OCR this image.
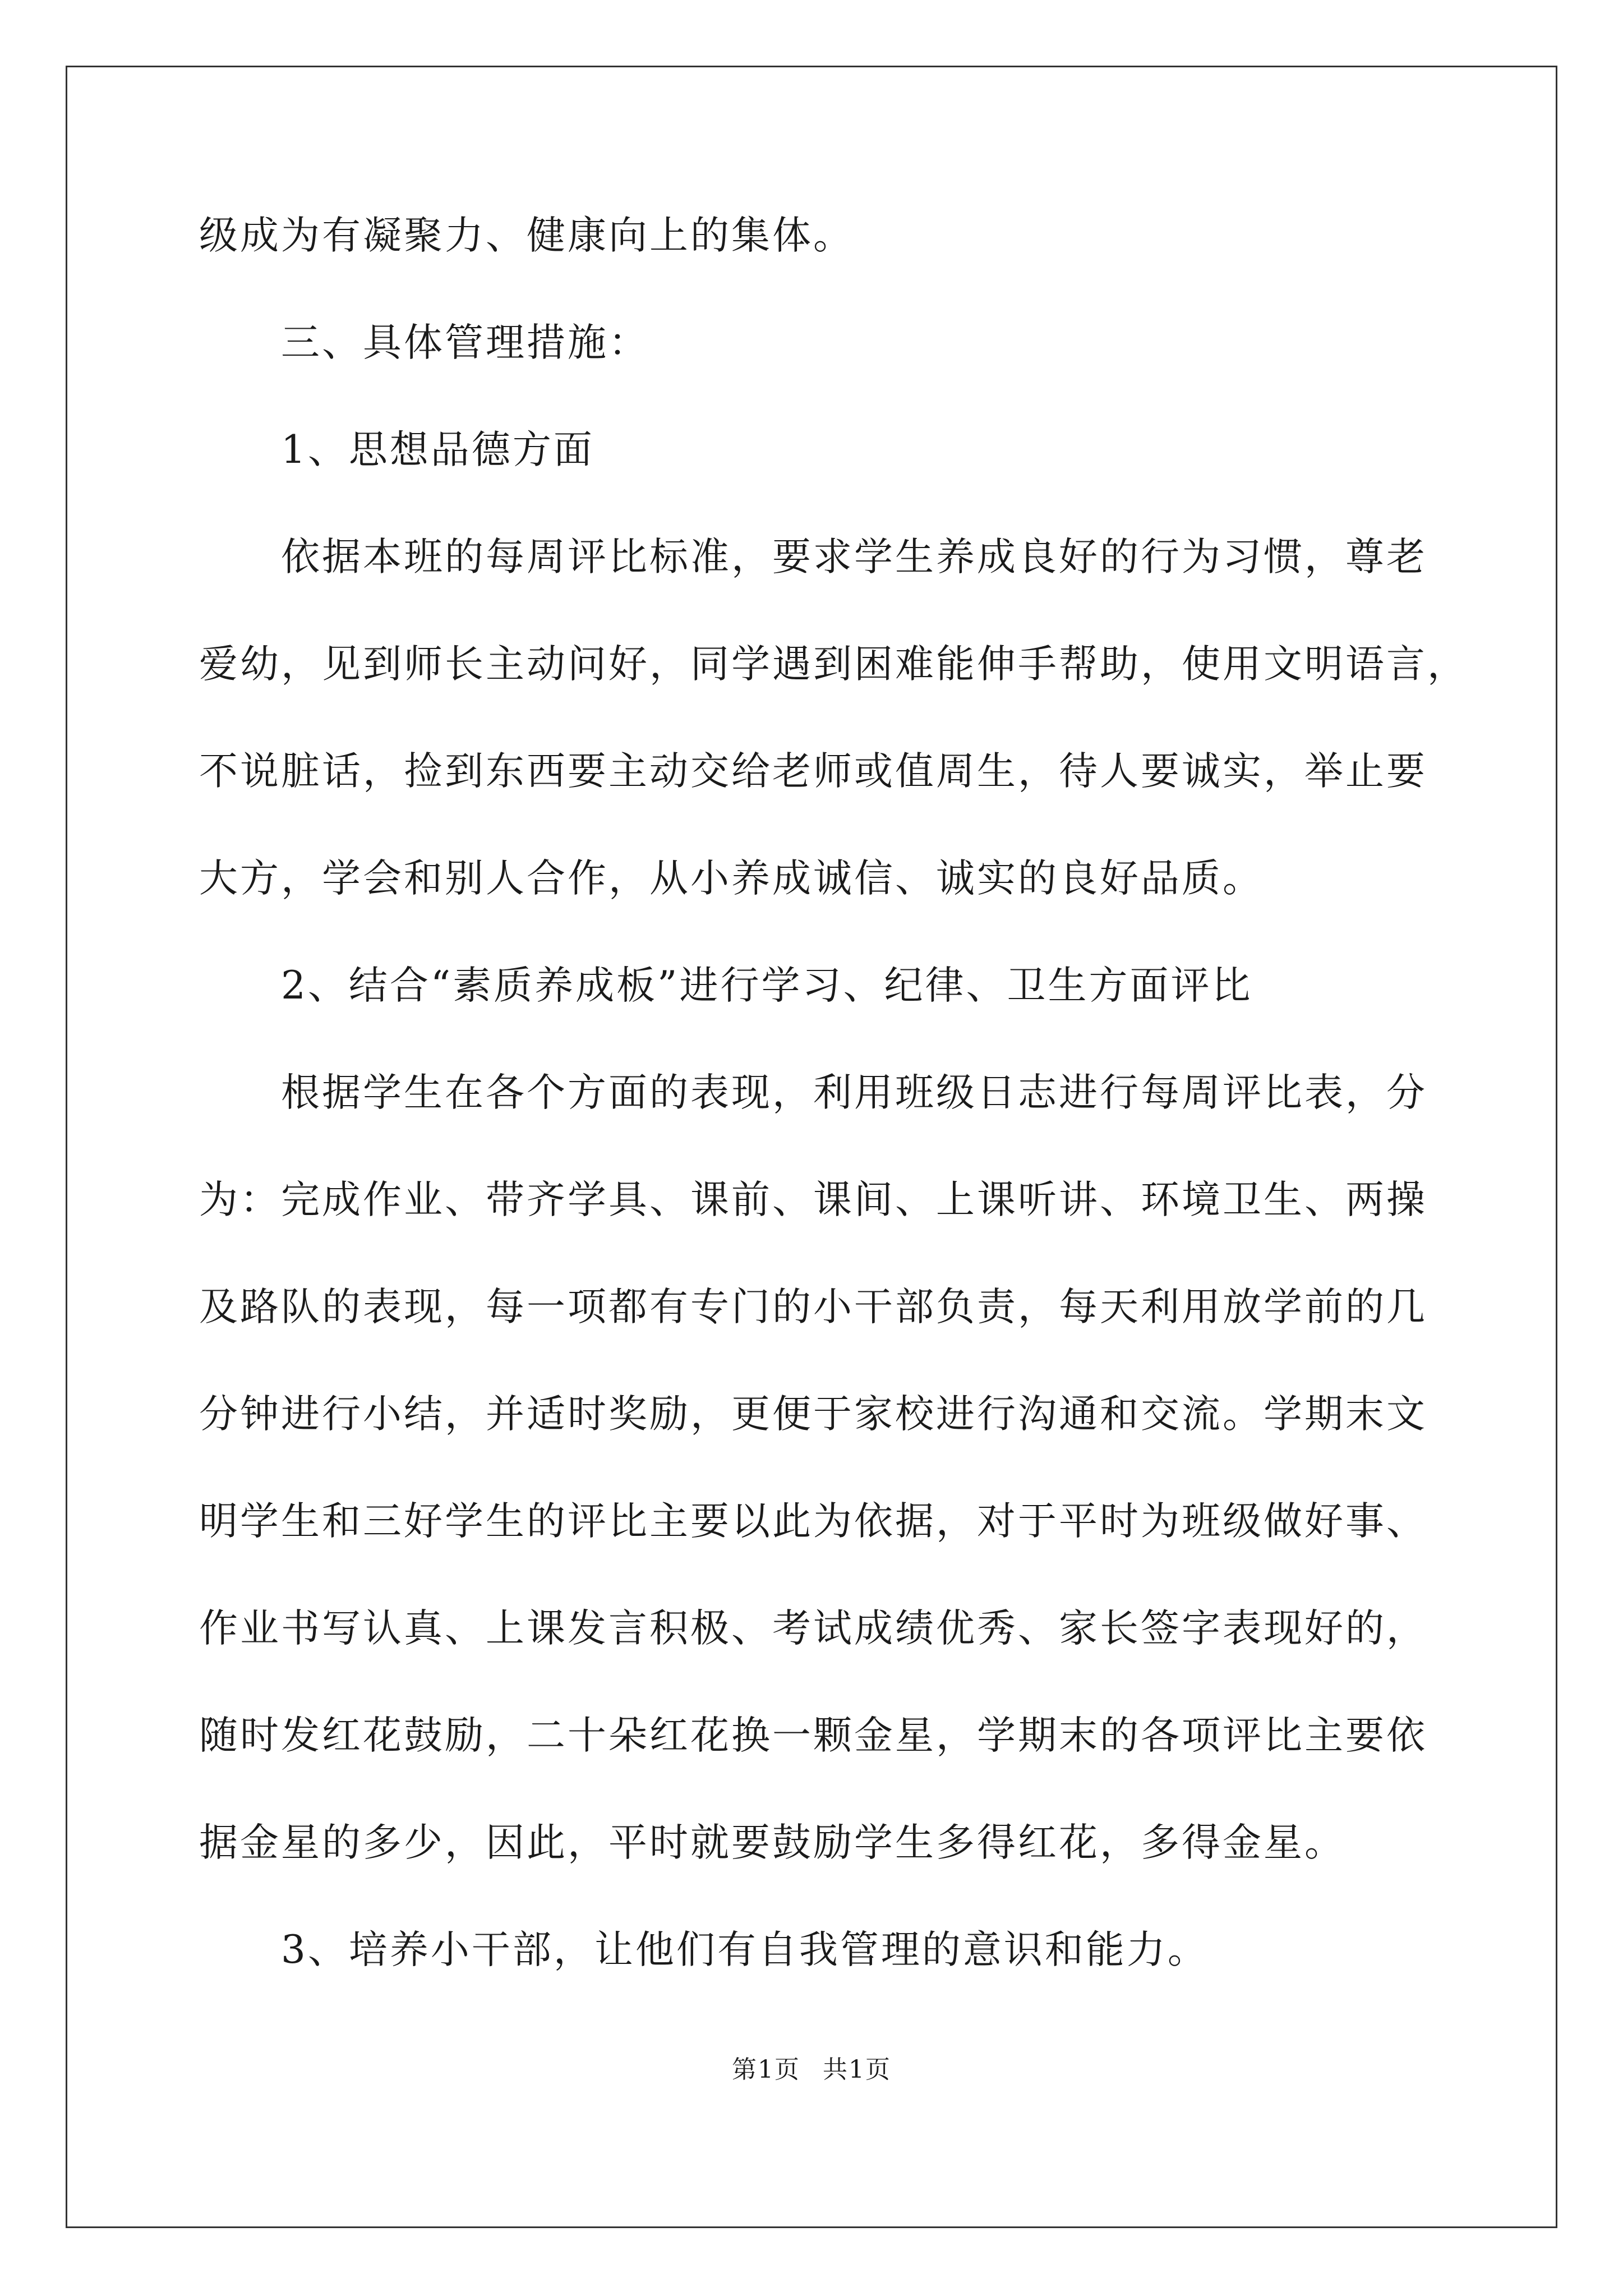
级成为有凝聚力、健康向上的集体。
三、具体管理措施：
1、思想品德方面
依据本班的每周评比标准，要求学生养成良好的行为习惯，尊老
爱幼，见到师长主动问好，同学遇到困难能伸手帮助，使用文明语言，
不说脏话，捡到东西要主动交给老师或值周生，待人要诚实，举止要
大方，学会和别人合作，从小养成诚信、诚实的良好品质。
2、结合“素质养成板”进行学习、纪律、卫生方面评比
根据学生在各个方面的表现，利用班级日志进行每周评比表，分
为：完成作业、带齐学具、课前、课间、上课听讲、环境卫生、两操
及路队的表现，每一项都有专门的小干部负责，每天利用放学前的几
分钟进行小结，并适时奖励，更便于家校进行沟通和交流。学期末文
明学生和三好学生的评比主要以此为依据，对于平时为班级做好事、
作业书写认真、上课发言积极、考试成绩优秀、家长签字表现好的，
随时发红花鼓励，二十朵红花换一颗金星，学期末的各项评比主要依
据金星的多少，因此，平时就要鼓励学生多得红花，多得金星。
3、培养小干部，让他们有自我管理的意识和能力。
第1页 共1页
